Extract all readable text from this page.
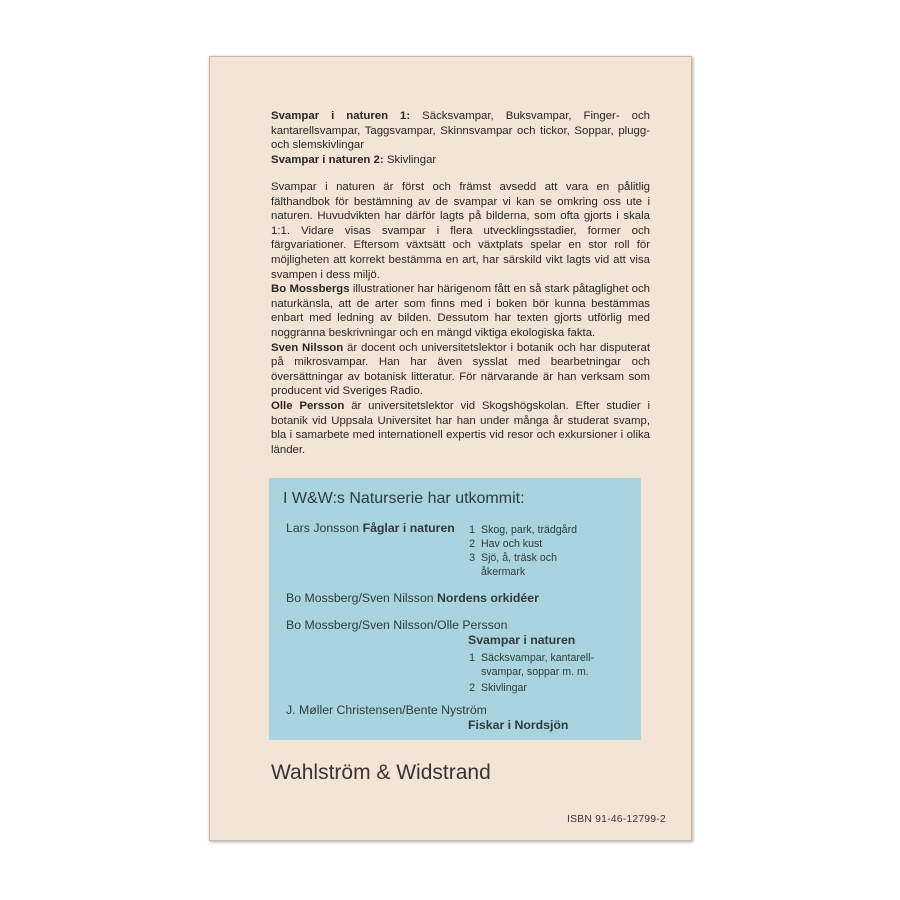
Svampar i naturen 1: Säcksvampar, Buksvampar, Finger- och kantarellsvampar, Taggsvampar, Skinnsvampar och tickor, Soppar, plugg- och slemskivlingar

Svampar i naturen 2: Skivlingar

Svampar i naturen är först och främst avsedd att vara en pålitlig fälthandbok för bestämning av de svampar vi kan se omkring oss ute i naturen. Huvudvikten har därför lagts på bilderna, som ofta gjorts i skala 1:1. Vidare visas svampar i flera utvecklingsstadier, former och färgvariationer. Eftersom växtsätt och växtplats spelar en stor roll för möjligheten att korrekt bestämma en art, har särskild vikt lagts vid att visa svampen i dess miljö.

Bo Mossbergs illustrationer har härigenom fått en så stark påtaglighet och naturkänsla, att de arter som finns med i boken bör kunna bestämmas enbart med ledning av bilden. Dessutom har texten gjorts utförlig med noggranna beskrivningar och en mängd viktiga ekologiska fakta.

Sven Nilsson är docent och universitetslektor i botanik och har disputerat på mikrosvampar. Han har även sysslat med bearbetningar och översättningar av botanisk litteratur. För närvarande är han verksam som producent vid Sveriges Radio.

Olle Persson är universitetslektor vid Skogshögskolan. Efter studier i botanik vid Uppsala Universitet har han under många år studerat svamp, bla i samarbete med internationell expertis vid resor och exkursioner i olika länder.

I W&W:s Naturserie har utkommit:
Lars Jonsson Fåglar i naturen	1 Skog, park, trädgård
2 Hav och kust
3 Sjö, å, träsk och
åkermark
Bo Mossberg/Sven Nilsson Nordens orkidéer
Bo Mossberg/Sven Nilsson/Olle Persson
Svampar i naturen
1 Säcksvampar, kantarell-
svampar, soppar m. m.
2 Skivlingar
J. Møller Christensen/Bente Nyström
Fiskar i Nordsjön
Wahlström & Widstrand
ISBN 91-46-12799-2
